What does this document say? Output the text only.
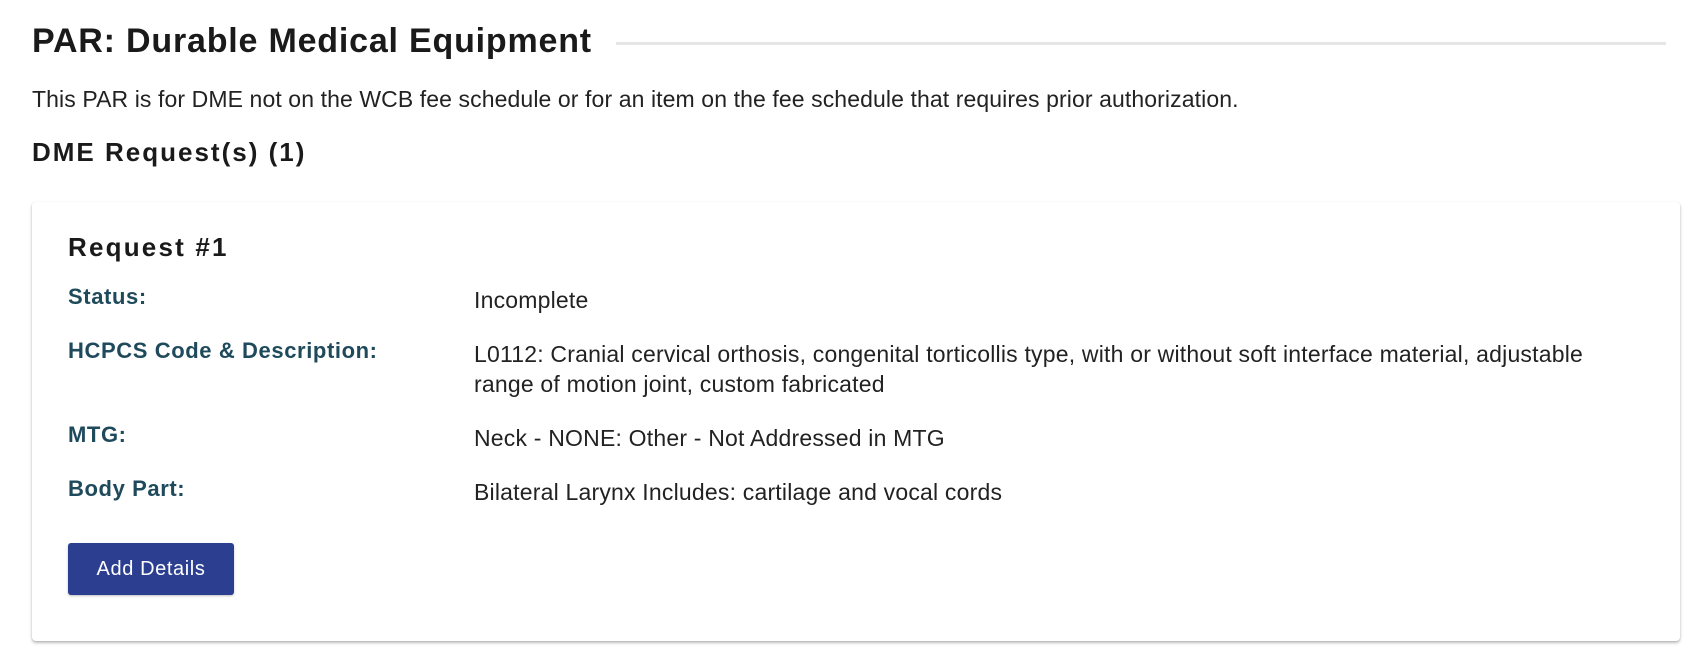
PAR: Durable Medical Equipment

This PAR is for DME not on the WCB fee schedule or for an item on the fee schedule that requires prior authorization.

DME Request(s) (1)
Request #1
Status:	Incomplete
HCPCS Code & Description:	L0112: Cranial cervical orthosis, congenital torticollis type, with or without soft interface material, adjustable range of motion joint, custom fabricated
MTG:	Neck - NONE: Other - Not Addressed in MTG
Body Part:	Bilateral Larynx Includes: cartilage and vocal cords
Add Details
